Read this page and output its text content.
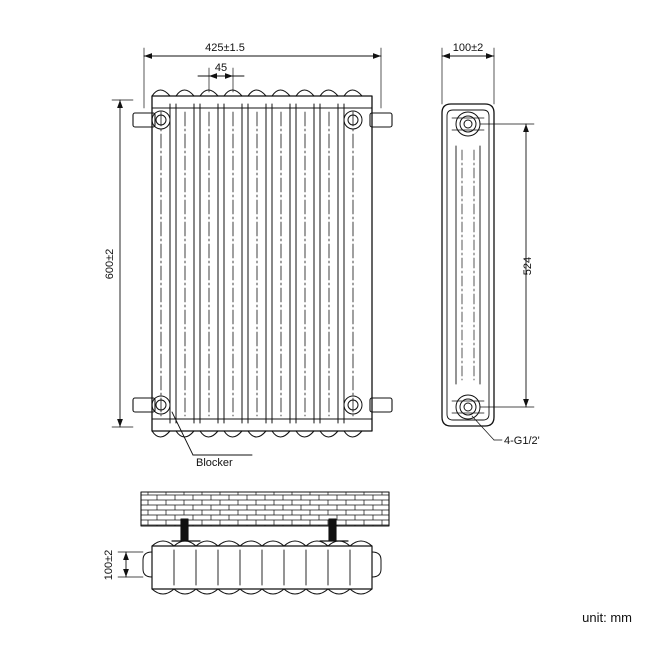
425±1.5
45
600±2
Blocker
100±2
524
4-G1/2'
100±2
unit: mm
